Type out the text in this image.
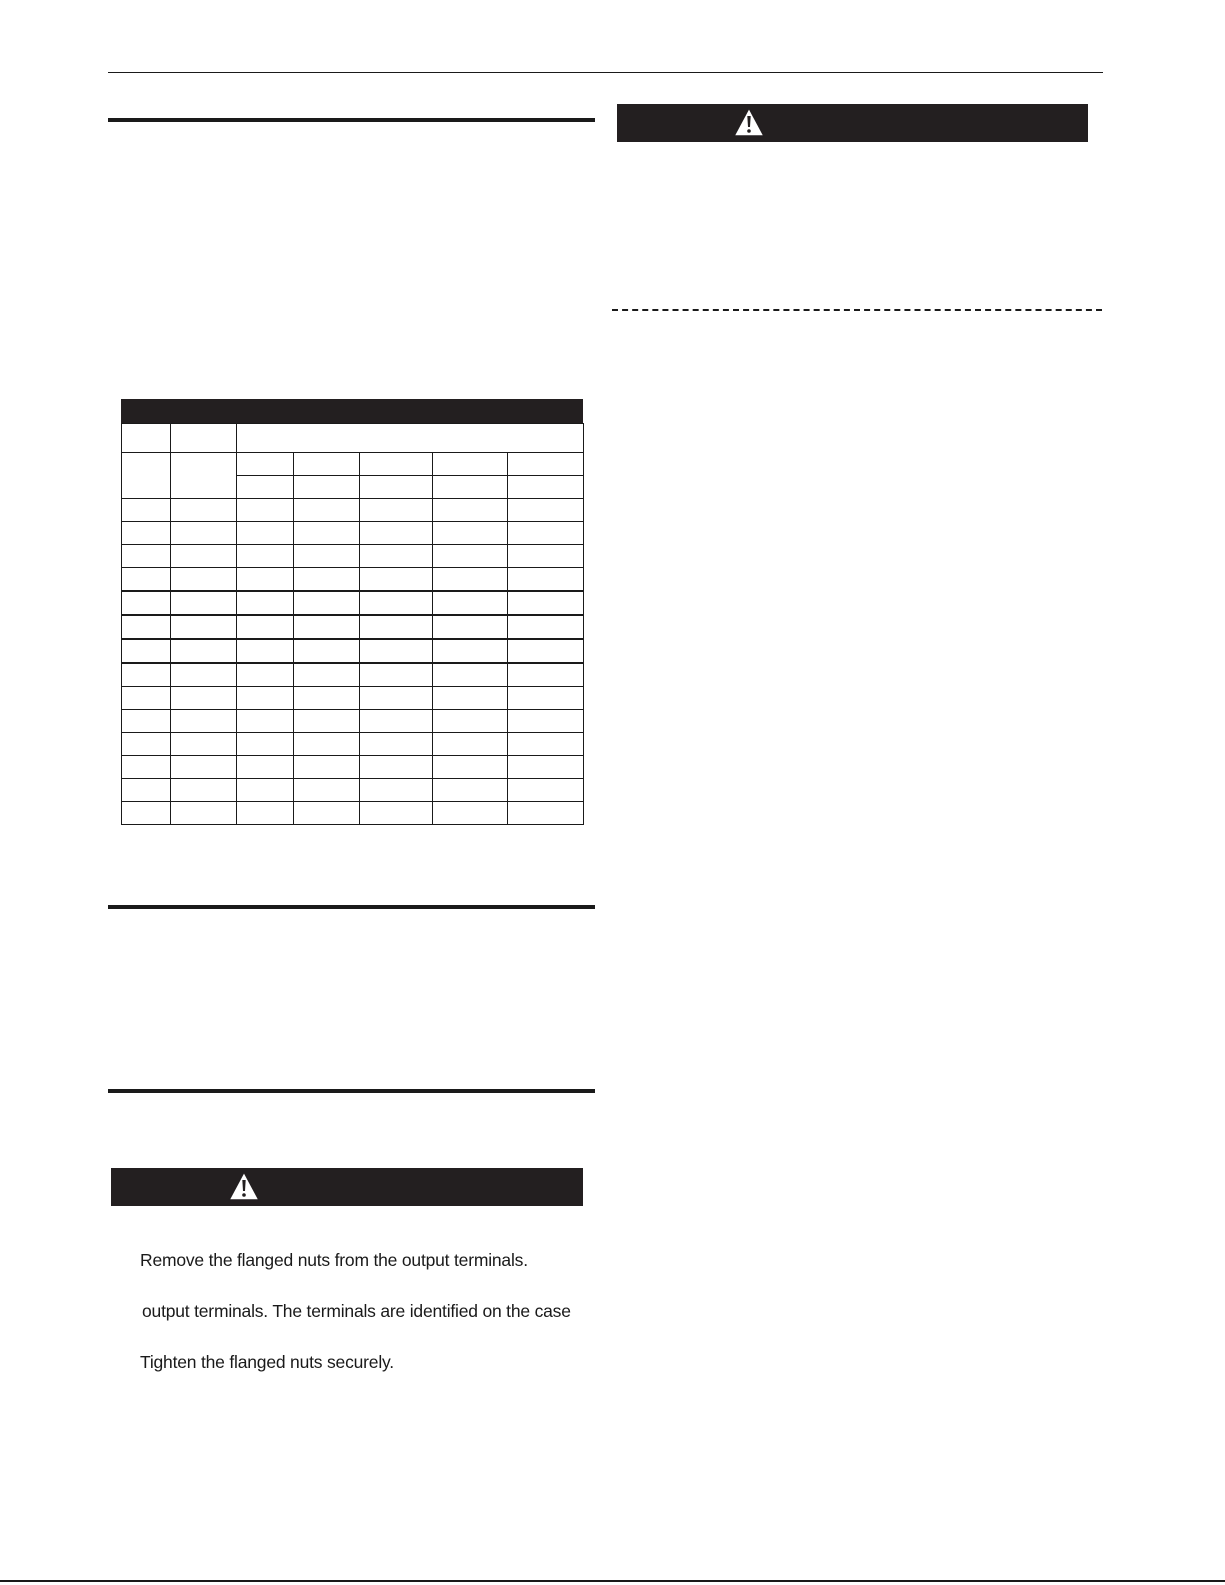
Remove the flanged nuts from the output terminals.
output terminals. The terminals are identified on the case
Tighten the flanged nuts securely.
